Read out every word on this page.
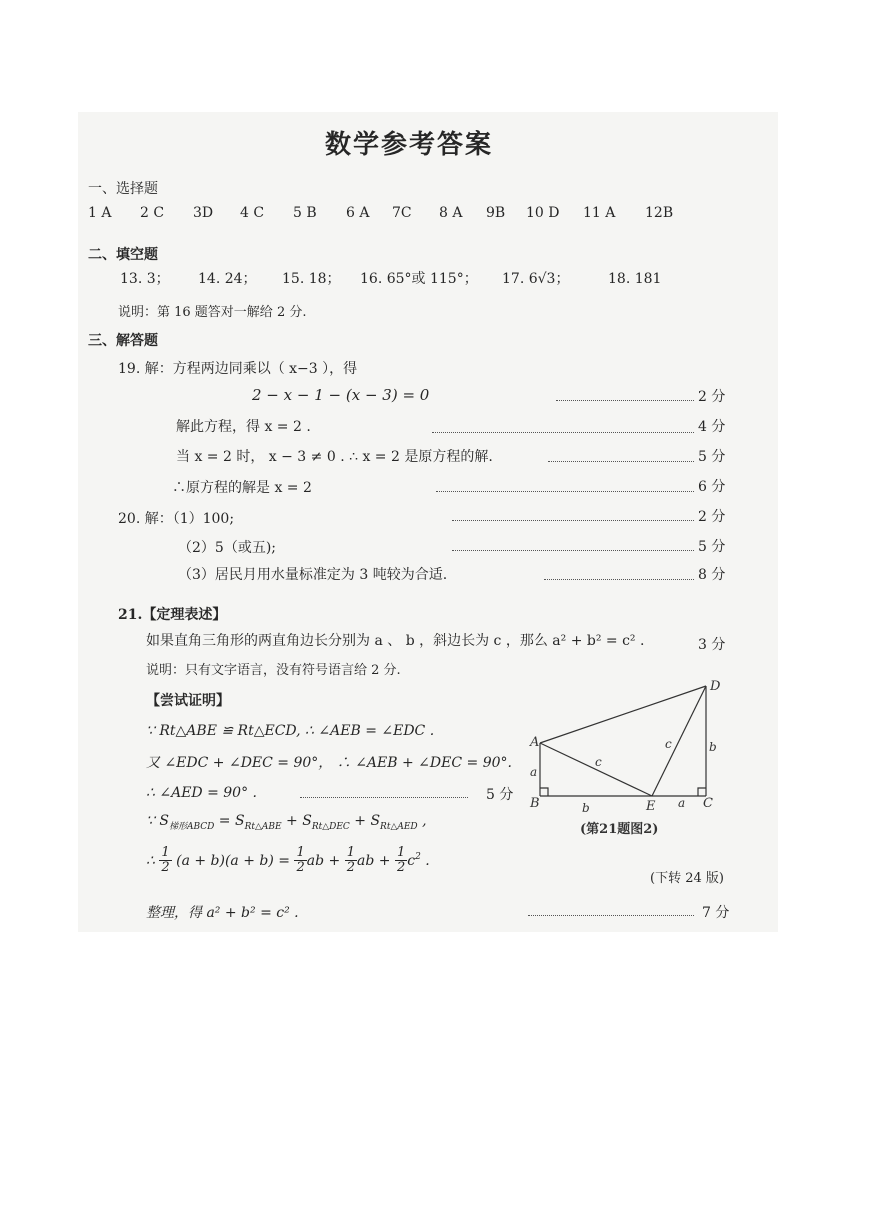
数学参考答案
一、选择题
1 A 2 C 3D 4 C 5 B 6 A 7C 8 A 9B 10 D 11 A 12B
二、填空题
13. 3； 14. 24； 15. 18； 16. 65°或 115°； 17. 6√3；	18. 181
说明：第 16 题答对一解给 2 分.
三、解答题
19. 解：方程两边同乘以（ x−3 ），得
2 − x − 1 − (x − 3) = 0	2 分
解此方程，得 x = 2 .	4 分
当 x = 2 时， x − 3 ≠ 0 . ∴ x = 2 是原方程的解.	5 分
∴原方程的解是 x = 2	6 分
20. 解：（1）100;	2 分
（2）5（或五);	5 分
（3）居民月用水量标准定为 3 吨较为合适.	8 分
21.【定理表述】
如果直角三角形的两直角边长分别为 a 、 b ，斜边长为 c ，那么 a² + b² = c² .	3 分
说明：只有文字语言，没有符号语言给 2 分.
【尝试证明】
∵ Rt△ABE ≌ Rt△ECD, ∴ ∠AEB = ∠EDC .
又 ∠EDC + ∠DEC = 90°， ∴ ∠AEB + ∠DEC = 90°.
∴ ∠AED = 90° .	5 分
∵ $S_{梯形ABCD} = S_{Rt\triangle ABE} + S_{Rt\triangle DEC} + S_{Rt\triangle AED}$ ,
∴ $\frac{1}{2} (a + b)(a + b) = \frac{1}{2}$ ab + $\frac{1}{2}$ ab + $\frac{1}{2} c^2$ .
(下转 24 版)
整理，得 a² + b² = c² .	7 分
A
B	C
D
E
a
a
b
b
c
c
(第21题图2)
